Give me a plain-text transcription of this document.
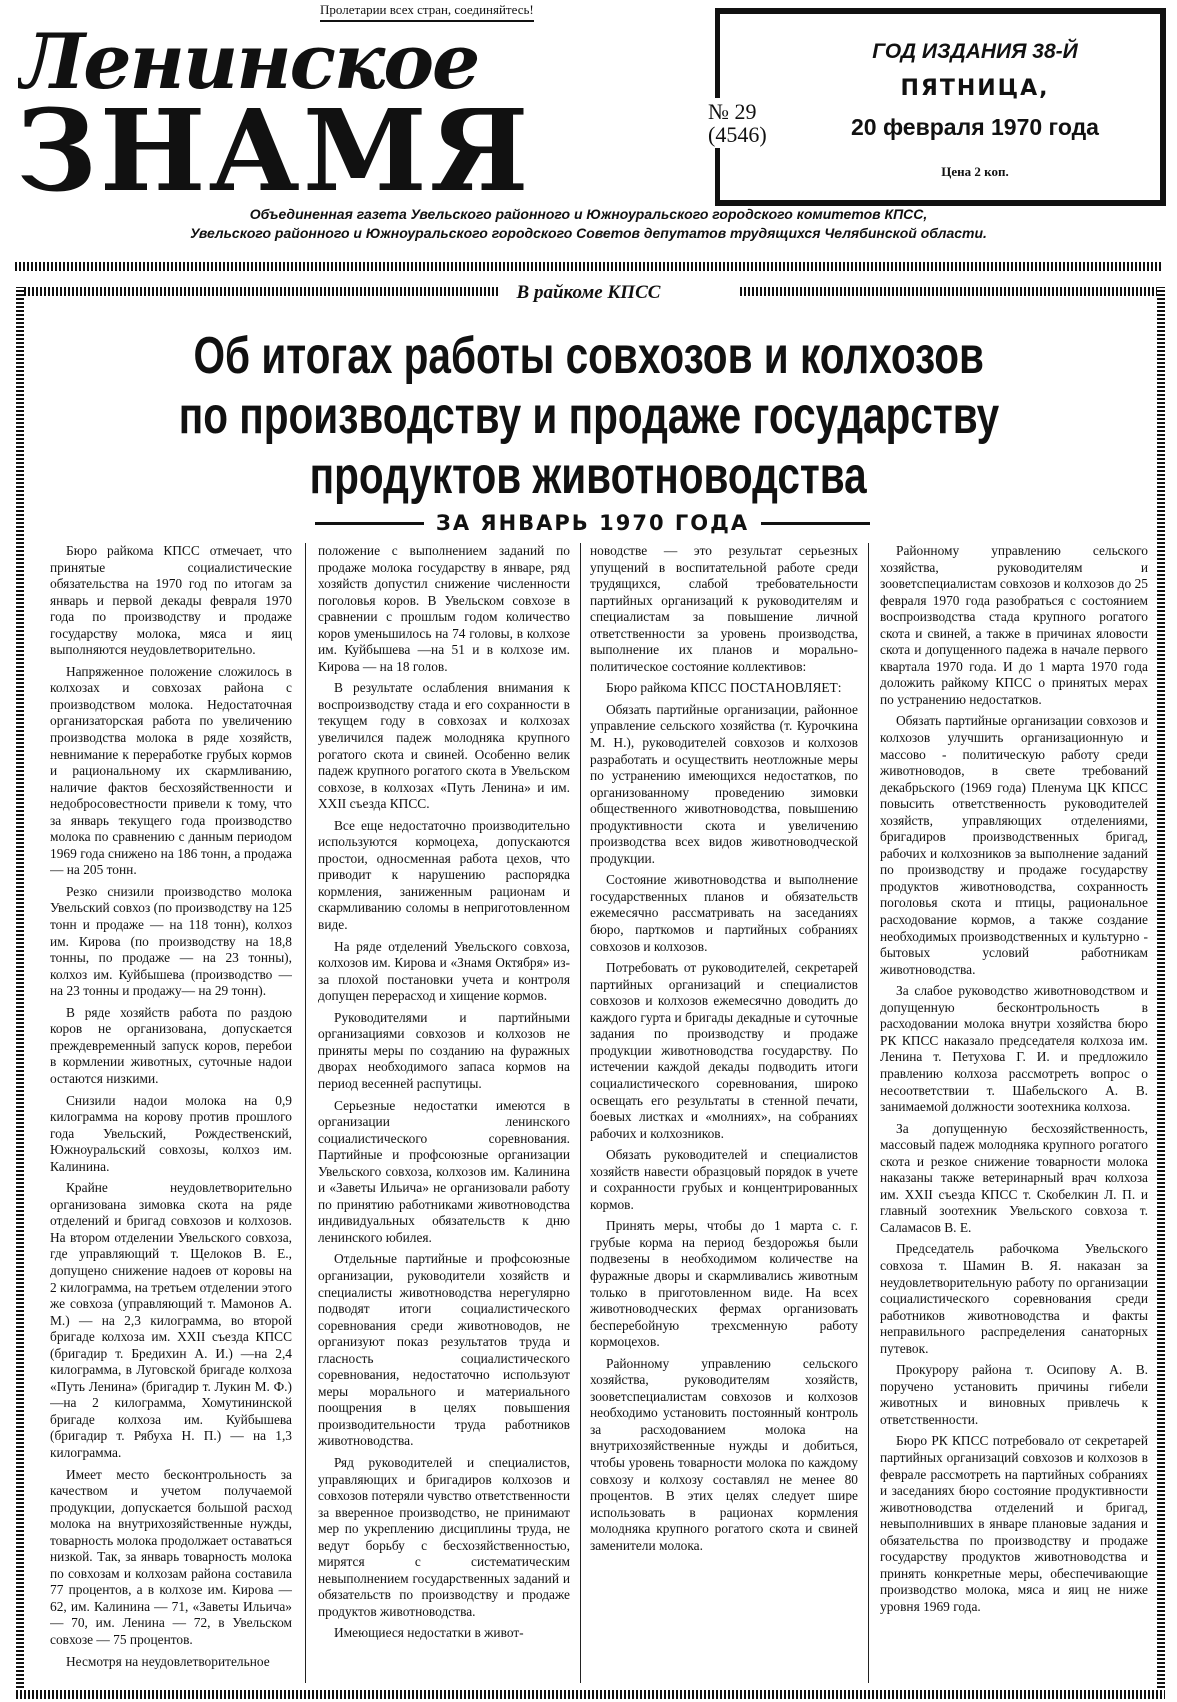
Пролетарии всех стран, соединяйтесь!
Ленинское
ЗНАМЯ
ГОД ИЗДАНИЯ 38-Й
ПЯТНИЦА,
20 февраля 1970 года
Цена 2 коп.
№ 29
(4546)
Объединенная газета Увельского районного и Южноуральского городского комитетов КПСС,
Увельского районного и Южноуральского городского Советов депутатов трудящихся Челябинской области.
В райкоме КПСС
Об итогах работы совхозов и колхозов
по производству и продаже государству
продуктов животноводства
ЗА ЯНВАРЬ 1970 ГОДА

Бюро райкома КПСС отмечает, что принятые социалистические обязательства на 1970 год по итогам за январь и первой декады февраля 1970 года по производству и продаже государству молока, мяса и яиц выполняются неудовлетворительно.

Напряженное положение сложилось в колхозах и совхозах района с производством молока. Недостаточная организаторская работа по увеличению производства молока в ряде хозяйств, невнимание к переработке грубых кормов и рациональному их скармливанию, наличие фактов бесхозяйственности и недобросовестности привели к тому, что за январь текущего года производство молока по сравнению с данным периодом 1969 года снижено на 186 тонн, а продажа — на 205 тонн.

Резко снизили производство молока Увельский совхоз (по производству на 125 тонн и продаже — на 118 тонн), колхоз им. Кирова (по производству на 18,8 тонны, по продаже — на 23 тонны), колхоз им. Куйбышева (производство — на 23 тонны и продажу— на 29 тонн).

В ряде хозяйств работа по раздою коров не организована, допускается преждевременный запуск коров, перебои в кормлении животных, суточные надои остаются низкими.

Снизили надои молока на 0,9 килограмма на корову против прошлого года Увельский, Рождественский, Южноуральский совхозы, колхоз им. Калинина.

Крайне неудовлетворительно организована зимовка скота на ряде отделений и бригад совхозов и колхозов. На втором отделении Увельского совхоза, где управляющий т. Щелоков В. Е., допущено снижение надоев от коровы на 2 килограмма, на третьем отделении этого же совхоза (управляющий т. Мамонов А. М.) — на 2,3 килограмма, во второй бригаде колхоза им. XXII съезда КПСС (бригадир т. Бредихин А. И.) —на 2,4 килограмма, в Луговской бригаде колхоза «Путь Ленина» (бригадир т. Лукин М. Ф.) —на 2 килограмма, Хомутининской бригаде колхоза им. Куйбышева (бригадир т. Рябуха Н. П.) — на 1,3 килограмма.

Имеет место бесконтрольность за качеством и учетом получаемой продукции, допускается большой расход молока на внутрихозяйственные нужды, товарность молока продолжает оставаться низкой. Так, за январь товарность молока по совхозам и колхозам района составила 77 процентов, а в колхозе им. Кирова —62, им. Калинина — 71, «Заветы Ильича» — 70, им. Ленина — 72, в Увельском совхозе — 75 процентов.

Несмотря на неудовлетворительное

положение с выполнением заданий по продаже молока государству в январе, ряд хозяйств допустил снижение численности поголовья коров. В Увельском совхозе в сравнении с прошлым годом количество коров уменьшилось на 74 головы, в колхозе им. Куйбышева —на 51 и в колхозе им. Кирова — на 18 голов.

В результате ослабления внимания к воспроизводству стада и его сохранности в текущем году в совхозах и колхозах увеличился падеж молодняка крупного рогатого скота и свиней. Особенно велик падеж крупного рогатого скота в Увельском совхозе, в колхозах «Путь Ленина» и им. XXII съезда КПСС.

Все еще недостаточно производительно используются кормоцеха, допускаются простои, односменная работа цехов, что приводит к нарушению распорядка кормления, заниженным рационам и скармливанию соломы в неприготовленном виде.

На ряде отделений Увельского совхоза, колхозов им. Кирова и «Знамя Октября» из-за плохой постановки учета и контроля допущен перерасход и хищение кормов.

Руководителями и партийными организациями совхозов и колхозов не приняты меры по созданию на фуражных дворах необходимого запаса кормов на период весенней распутицы.

Серьезные недостатки имеются в организации ленинского социалистического соревнования. Партийные и профсоюзные организации Увельского совхоза, колхозов им. Калинина и «Заветы Ильича» не организовали работу по принятию работниками животноводства индивидуальных обязательств к дню ленинского юбилея.

Отдельные партийные и профсоюзные организации, руководители хозяйств и специалисты животноводства нерегулярно подводят итоги социалистического соревнования среди животноводов, не организуют показ результатов труда и гласность социалистического соревнования, недостаточно используют меры морального и материального поощрения в целях повышения производительности труда работников животноводства.

Ряд руководителей и специалистов, управляющих и бригадиров колхозов и совхозов потеряли чувство ответственности за вверенное производство, не принимают мер по укреплению дисциплины труда, не ведут борьбу с бесхозяйственностью, мирятся с систематическим невыполнением государственных заданий и обязательств по производству и продаже продуктов животноводства.

Имеющиеся недостатки в живот-

новодстве — это результат серьезных упущений в воспитательной работе среди трудящихся, слабой требовательности партийных организаций к руководителям и специалистам за повышение личной ответственности за уровень производства, выполнение их планов и морально-политическое состояние коллективов:

Бюро райкома КПСС ПОСТАНОВЛЯЕТ:

Обязать партийные организации, районное управление сельского хозяйства (т. Курочкина М. Н.), руководителей совхозов и колхозов разработать и осуществить неотложные меры по устранению имеющихся недостатков, по организованному проведению зимовки общественного животноводства, повышению продуктивности скота и увеличению производства всех видов животноводческой продукции.

Состояние животноводства и выполнение государственных планов и обязательств ежемесячно рассматривать на заседаниях бюро, парткомов и партийных собраниях совхозов и колхозов.

Потребовать от руководителей, секретарей партийных организаций и специалистов совхозов и колхозов ежемесячно доводить до каждого гурта и бригады декадные и суточные задания по производству и продаже продукции животноводства государству. По истечении каждой декады подводить итоги социалистического соревнования, широко освещать его результаты в стенной печати, боевых листках и «молниях», на собраниях рабочих и колхозников.

Обязать руководителей и специалистов хозяйств навести образцовый порядок в учете и сохранности грубых и концентрированных кормов.

Принять меры, чтобы до 1 марта с. г. грубые корма на период бездорожья были подвезены в необходимом количестве на фуражные дворы и скармливались животным только в приготовленном виде. На всех животноводческих фермах организовать бесперебойную трехсменную работу кормоцехов.

Районному управлению сельского хозяйства, руководителям хозяйств, зооветспециалистам совхозов и колхозов необходимо установить постоянный контроль за расходованием молока на внутрихозяйственные нужды и добиться, чтобы уровень товарности молока по каждому совхозу и колхозу составлял не менее 80 процентов. В этих целях следует шире использовать в рационах кормления молодняка крупного рогатого скота и свиней заменители молока.

Районному управлению сельского хозяйства, руководителям и зооветспециалистам совхозов и колхозов до 25 февраля 1970 года разобраться с состоянием воспроизводства стада крупного рогатого скота и свиней, а также в причинах яловости скота и допущенного падежа в начале первого квартала 1970 года. И до 1 марта 1970 года доложить райкому КПСС о принятых мерах по устранению недостатков.

Обязать партийные организации совхозов и колхозов улучшить организационную и массово - политическую работу среди животноводов, в свете требований декабрьского (1969 года) Пленума ЦК КПСС повысить ответственность руководителей хозяйств, управляющих отделениями, бригадиров производственных бригад, рабочих и колхозников за выполнение заданий по производству и продаже государству продуктов животноводства, сохранность поголовья скота и птицы, рациональное расходование кормов, а также создание необходимых производственных и культурно - бытовых условий работникам животноводства.

За слабое руководство животноводством и допущенную бесконтрольность в расходовании молока внутри хозяйства бюро РК КПСС наказало председателя колхоза им. Ленина т. Петухова Г. И. и предложило правлению колхоза рассмотреть вопрос о несоответствии т. Шабельского А. В. занимаемой должности зоотехника колхоза.

За допущенную бесхозяйственность, массовый падеж молодняка крупного рогатого скота и резкое снижение товарности молока наказаны также ветеринарный врач колхоза им. XXII съезда КПСС т. Скобелкин Л. П. и главный зоотехник Увельского совхоза т. Саламасов В. Е.

Председатель рабочкома Увельского совхоза т. Шамин В. Я. наказан за неудовлетворительную работу по организации социалистического соревнования среди работников животноводства и факты неправильного распределения санаторных путевок.

Прокурору района т. Осипову А. В. поручено установить причины гибели животных и виновных привлечь к ответственности.

Бюро РК КПСС потребовало от секретарей партийных организаций совхозов и колхозов в феврале рассмотреть на партийных собраниях и заседаниях бюро состояние продуктивности животноводства отделений и бригад, невыполнивших в январе плановые задания и обязательства по производству и продаже государству продуктов животноводства и принять конкретные меры, обеспечивающие производство молока, мяса и яиц не ниже уровня 1969 года.
